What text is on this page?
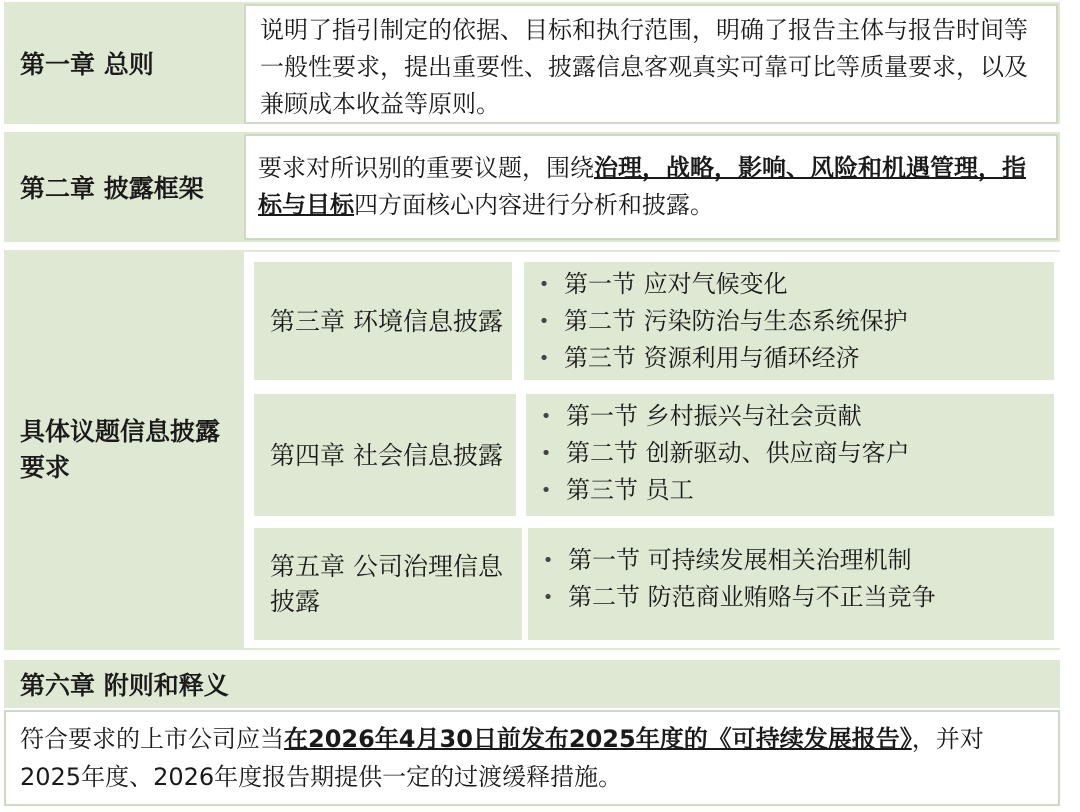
第一章 总则

说明了指引制定的依据、目标和执行范围，明确了报告主体与报告时间等一般性要求，提出重要性、披露信息客观真实可靠可比等质量要求，以及兼顾成本收益等原则。

第二章 披露框架

要求对所识别的重要议题，围绕治理，战略，影响、风险和机遇管理，指标与目标四方面核心内容进行分析和披露。

具体议题信息披露要求
第三章 环境信息披露
• 第一节 应对气候变化
• 第二节 污染防治与生态系统保护
• 第三节 资源利用与循环经济
第四章 社会信息披露
• 第一节 乡村振兴与社会贡献
• 第二节 创新驱动、供应商与客户
• 第三节 员工
第五章 公司治理信息披露
• 第一节 可持续发展相关治理机制
• 第二节 防范商业贿赂与不正当竞争
第六章 附则和释义

符合要求的上市公司应当在2026年4月30日前发布2025年度的《可持续发展报告》，并对2025年度、2026年度报告期提供一定的过渡缓释措施。
